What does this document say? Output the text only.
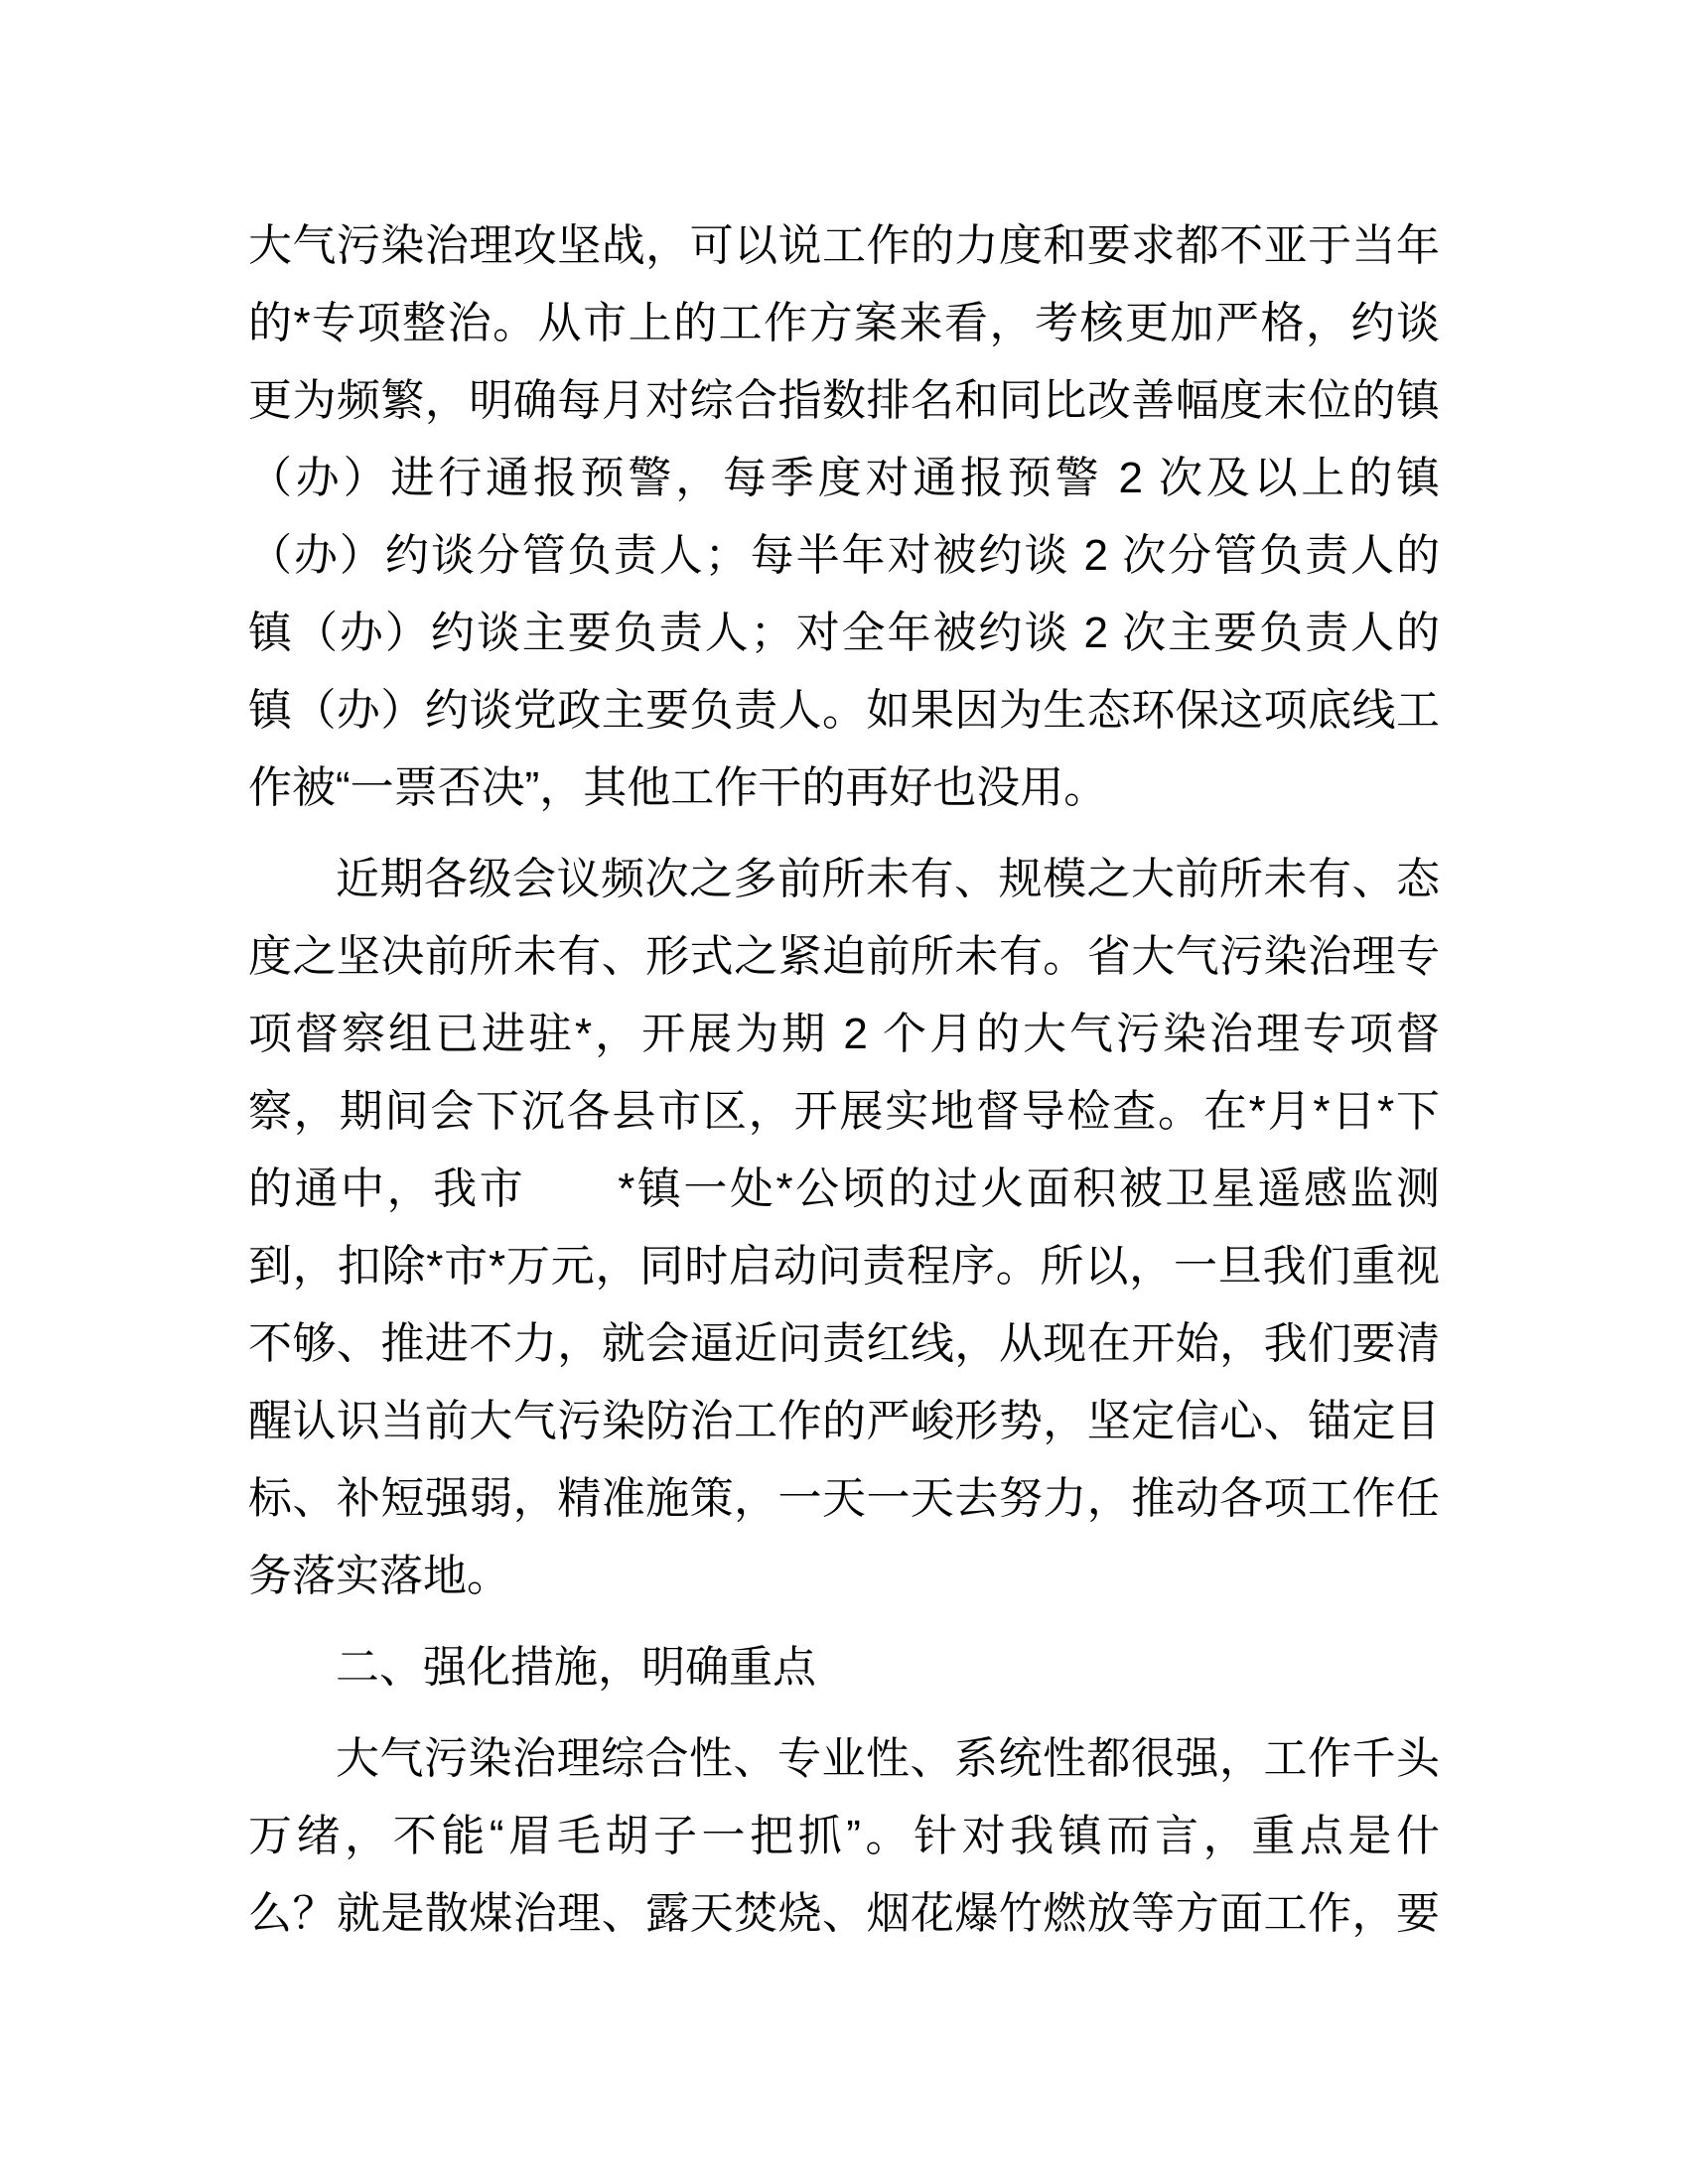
大气污染治理攻坚战，可以说工作的力度和要求都不亚于当年
的*专项整治。从市上的工作方案来看，考核更加严格，约谈
更为频繁，明确每月对综合指数排名和同比改善幅度末位的镇
（办）进行通报预警，每季度对通报预警 2 次及以上的镇
（办）约谈分管负责人；每半年对被约谈 2 次分管负责人的
镇（办）约谈主要负责人；对全年被约谈 2 次主要负责人的
镇（办）约谈党政主要负责人。如果因为生态环保这项底线工
作被“一票否决”，其他工作干的再好也没用。
近期各级会议频次之多前所未有、规模之大前所未有、态
度之坚决前所未有、形式之紧迫前所未有。省大气污染治理专
项督察组已进驻*，开展为期 2 个月的大气污染治理专项督
察，期间会下沉各县市区，开展实地督导检查。在*月*日*下
的通中，我市　　*镇一处*公顷的过火面积被卫星遥感监测
到，扣除*市*万元，同时启动问责程序。所以，一旦我们重视
不够、推进不力，就会逼近问责红线，从现在开始，我们要清
醒认识当前大气污染防治工作的严峻形势，坚定信心、锚定目
标、补短强弱，精准施策，一天一天去努力，推动各项工作任
务落实落地。
二、强化措施，明确重点
大气污染治理综合性、专业性、系统性都很强，工作千头
万绪，不能“眉毛胡子一把抓”。针对我镇而言，重点是什
么？就是散煤治理、露天焚烧、烟花爆竹燃放等方面工作，要
